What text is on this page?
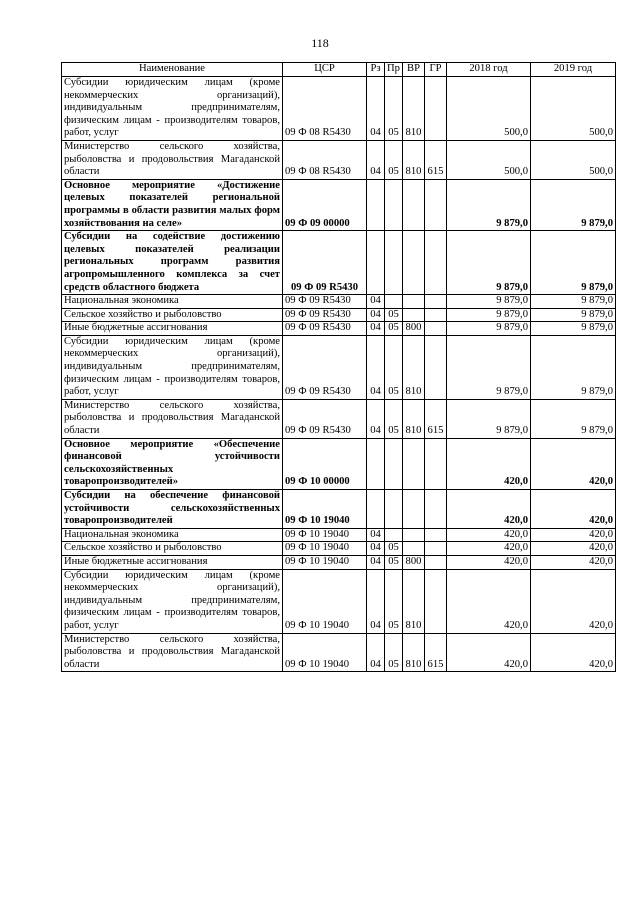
118
Наименование	ЦСР	Рз	Пр	ВР	ГР	2018 год	2019 год
Субсидии юридическим лицам (кроме некоммерческих организаций), индивидуальным предпринимателям, физическим лицам - производителям товаров, работ, услуг	09 Ф 08 R5430	04	05	810		500,0	500,0
Министерство сельского хозяйства, рыболовства и продовольствия Магаданской области	09 Ф 08 R5430	04	05	810	615	500,0	500,0
Основное мероприятие «Достижение целевых показателей региональной программы в области развития малых форм хозяйствования на селе»	09 Ф 09 00000					9 879,0	9 879,0
Субсидии на содействие достижению целевых показателей реализации региональных программ развития агропромышленного комплекса за счет средств областного бюджета	09 Ф 09 R5430					9 879,0	9 879,0
Национальная экономика	09 Ф 09 R5430	04				9 879,0	9 879,0
Сельское хозяйство и рыболовство	09 Ф 09 R5430	04	05			9 879,0	9 879,0
Иные бюджетные ассигнования	09 Ф 09 R5430	04	05	800		9 879,0	9 879,0
Субсидии юридическим лицам (кроме некоммерческих организаций), индивидуальным предпринимателям, физическим лицам - производителям товаров, работ, услуг	09 Ф 09 R5430	04	05	810		9 879,0	9 879,0
Министерство сельского хозяйства, рыболовства и продовольствия Магаданской области	09 Ф 09 R5430	04	05	810	615	9 879,0	9 879,0
Основное мероприятие «Обеспечение финансовой устойчивости сельскохозяйственных товаропроизводителей»	09 Ф 10 00000					420,0	420,0
Субсидии на обеспечение финансовой устойчивости сельскохозяйственных товаропроизводителей	09 Ф 10 19040					420,0	420,0
Национальная экономика	09 Ф 10 19040	04				420,0	420,0
Сельское хозяйство и рыболовство	09 Ф 10 19040	04	05			420,0	420,0
Иные бюджетные ассигнования	09 Ф 10 19040	04	05	800		420,0	420,0
Субсидии юридическим лицам (кроме некоммерческих организаций), индивидуальным предпринимателям, физическим лицам - производителям товаров, работ, услуг	09 Ф 10 19040	04	05	810		420,0	420,0
Министерство сельского хозяйства, рыболовства и продовольствия Магаданской области	09 Ф 10 19040	04	05	810	615	420,0	420,0
